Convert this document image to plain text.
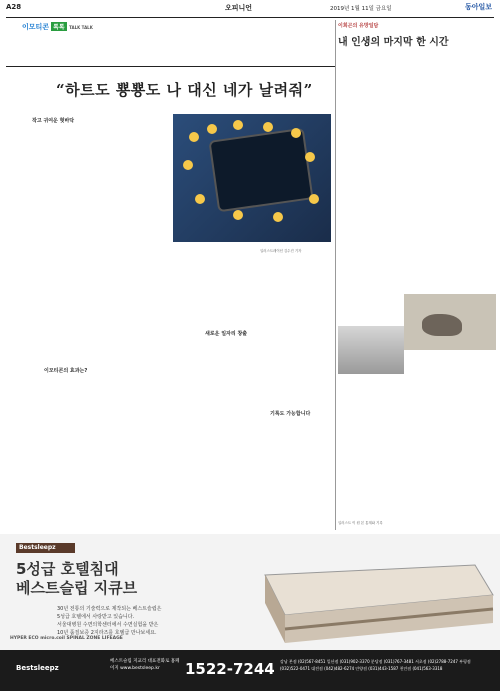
A28	오피니언	2019년 1월 11일 금요일	동아일보
이모티콘 톡톡 TALK TALK

“하트도 뿅뿅도 나 대신 네가 날려줘”
작고 귀여운 혓바닥

이모티콘의 효과는?

일러스트레이션 김수진 기자

새로운 일자리 창출

기록도 가능합니다

이희곤의 유망일담
내 인생의 마지막 한 시간

일러스트 이 원 본 통계와 기록
Bestsleepz
5성급 호텔침대
베스트슬립 지큐브
30년 전통의 기술력으로 제작되는 베스트슬립은
5성급 호텔에서 사랑받고 있습니다.
서울대병원 수면의학센터에서 수면실험을 받은
10년 품질보증 2지라즈를 호텔급 만나보세요.
HYPER ECO micro.coil SPINAL ZONE LIFEAGE
Bestsleepz
베스트슬립 지교리 대표전화로 홈페이지 www.bestsleep.kr	1522-7244 강남 본점 (02)567-8451 일산점 (031)902-3370 분당점 (031)767-3481 서초점 (02)2788-7247 부평점 (032)522-0471 대전점 (042)482-6274 안양점 (031)443-1587 천안점 (041)563-3318
